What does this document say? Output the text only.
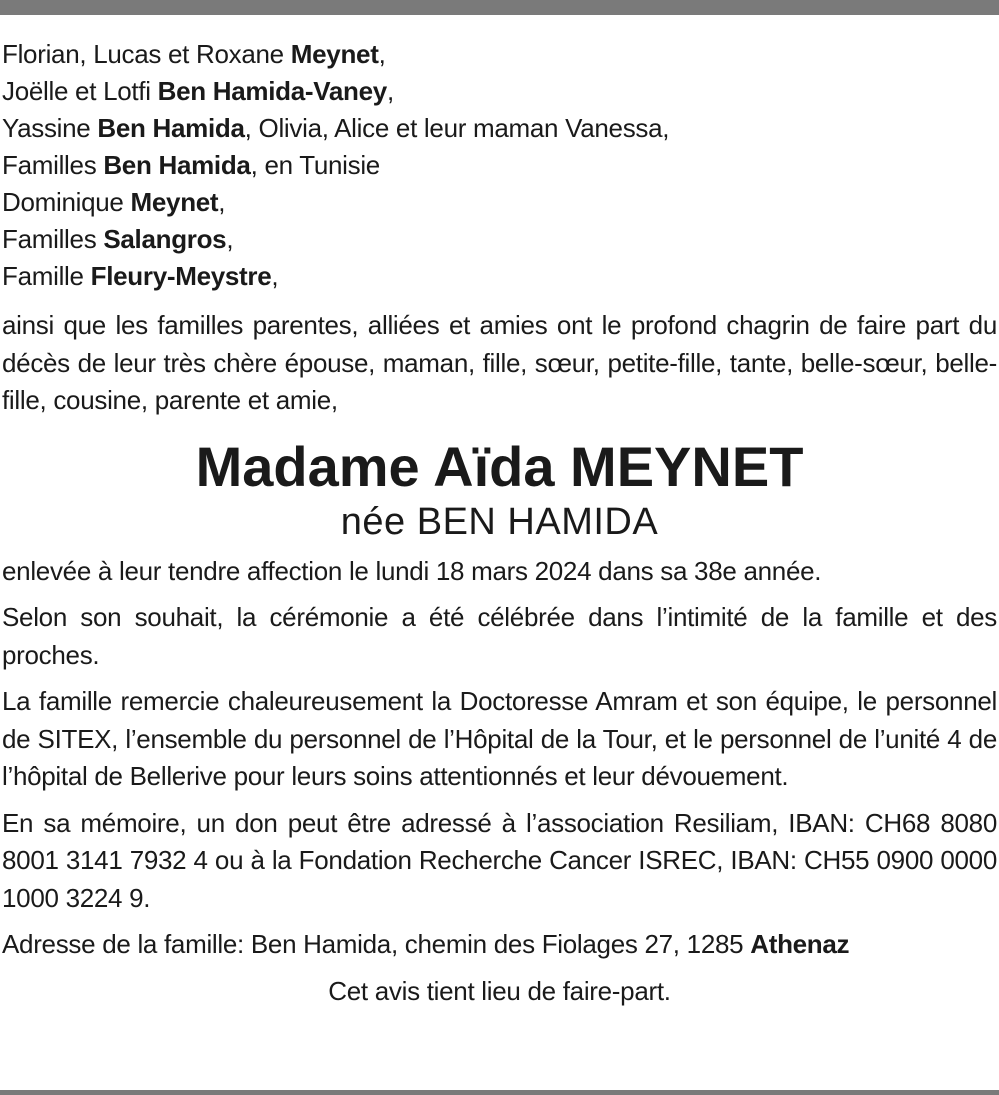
Florian, Lucas et Roxane Meynet,
Joëlle et Lotfi Ben Hamida-Vaney,
Yassine Ben Hamida, Olivia, Alice et leur maman Vanessa,
Familles Ben Hamida, en Tunisie
Dominique Meynet,
Familles Salangros,
Famille Fleury-Meystre,

ainsi que les familles parentes, alliées et amies ont le profond chagrin de faire part du décès de leur très chère épouse, maman, fille, sœur, petite-fille, tante, belle-sœur, belle-fille, cousine, parente et amie,

Madame Aïda MEYNET
née BEN HAMIDA

enlevée à leur tendre affection le lundi 18 mars 2024 dans sa 38e année.

Selon son souhait, la cérémonie a été célébrée dans l’intimité de la famille et des proches.

La famille remercie chaleureusement la Doctoresse Amram et son équipe, le personnel de SITEX, l’ensemble du personnel de l’Hôpital de la Tour, et le personnel de l’unité 4 de l’hôpital de Bellerive pour leurs soins attentionnés et leur dévouement.

En sa mémoire, un don peut être adressé à l’association Resiliam, IBAN: CH68 8080 8001 3141 7932 4 ou à la Fondation Recherche Cancer ISREC, IBAN: CH55 0900 0000 1000 3224 9.

Adresse de la famille: Ben Hamida, chemin des Fiolages 27, 1285 Athenaz

Cet avis tient lieu de faire-part.
